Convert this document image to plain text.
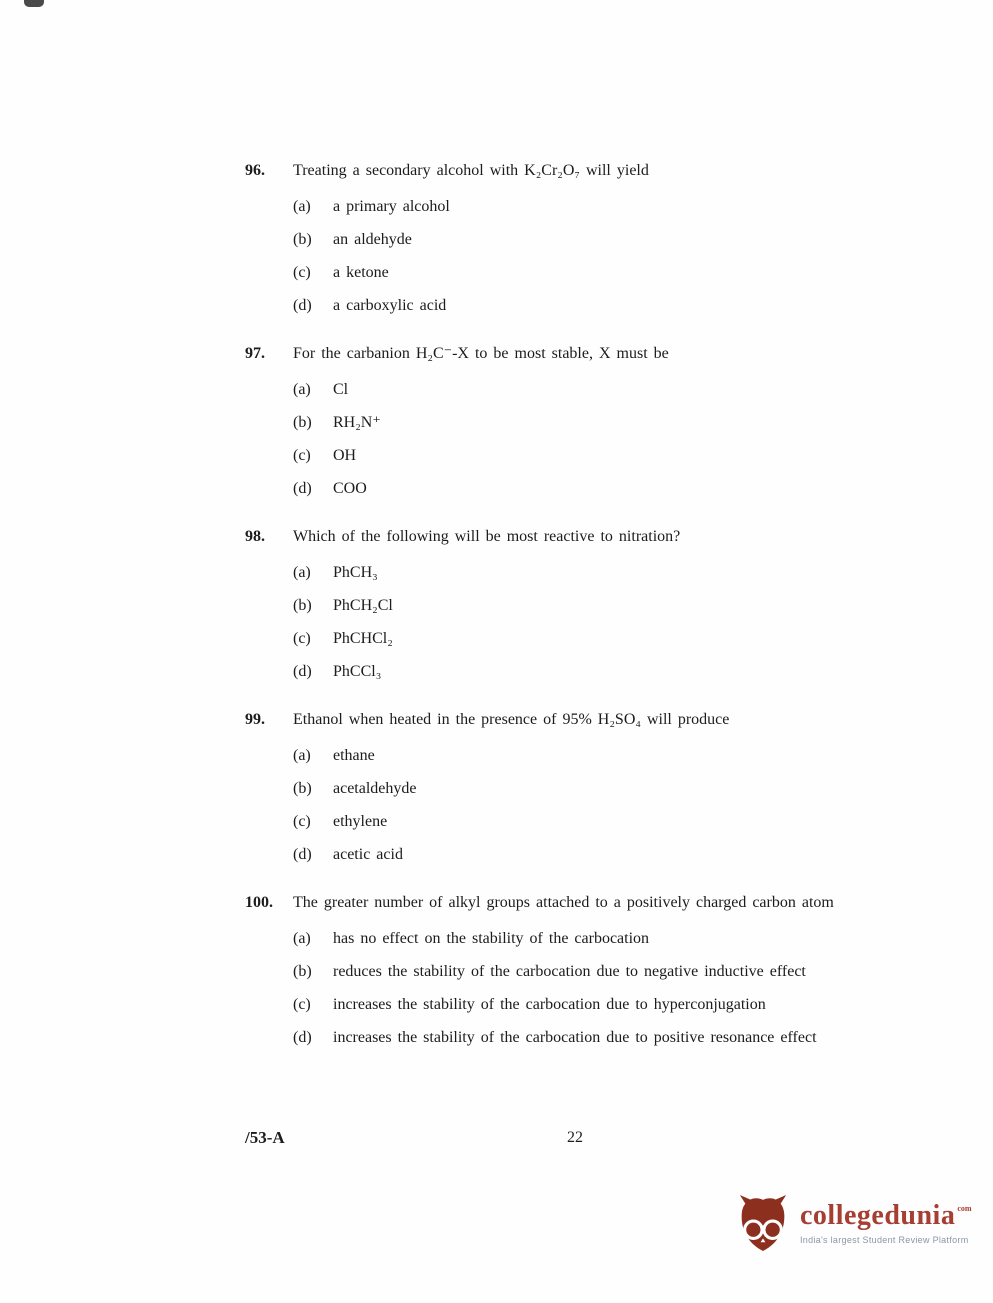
96.	Treating a secondary alcohol with K₂Cr₂O₇ will yield
(a)	a primary alcohol
(b)	an aldehyde
(c)	a ketone
(d)	a carboxylic acid
97.	For the carbanion H₂C⁻-X to be most stable, X must be
(a)	Cl
(b)	RH₂N⁺
(c)	OH
(d)	COO
98.	Which of the following will be most reactive to nitration?
(a)	PhCH₃
(b)	PhCH₂Cl
(c)	PhCHCl₂
(d)	PhCCl₃
99.	Ethanol when heated in the presence of 95% H₂SO₄ will produce
(a)	ethane
(b)	acetaldehyde
(c)	ethylene
(d)	acetic acid
100.	The greater number of alkyl groups attached to a positively charged carbon atom
(a)	has no effect on the stability of the carbocation
(b)	reduces the stability of the carbocation due to negative inductive effect
(c)	increases the stability of the carbocation due to hyperconjugation
(d)	increases the stability of the carbocation due to positive resonance effect
/53-A	22
collegedunia com
India's largest Student Review Platform
